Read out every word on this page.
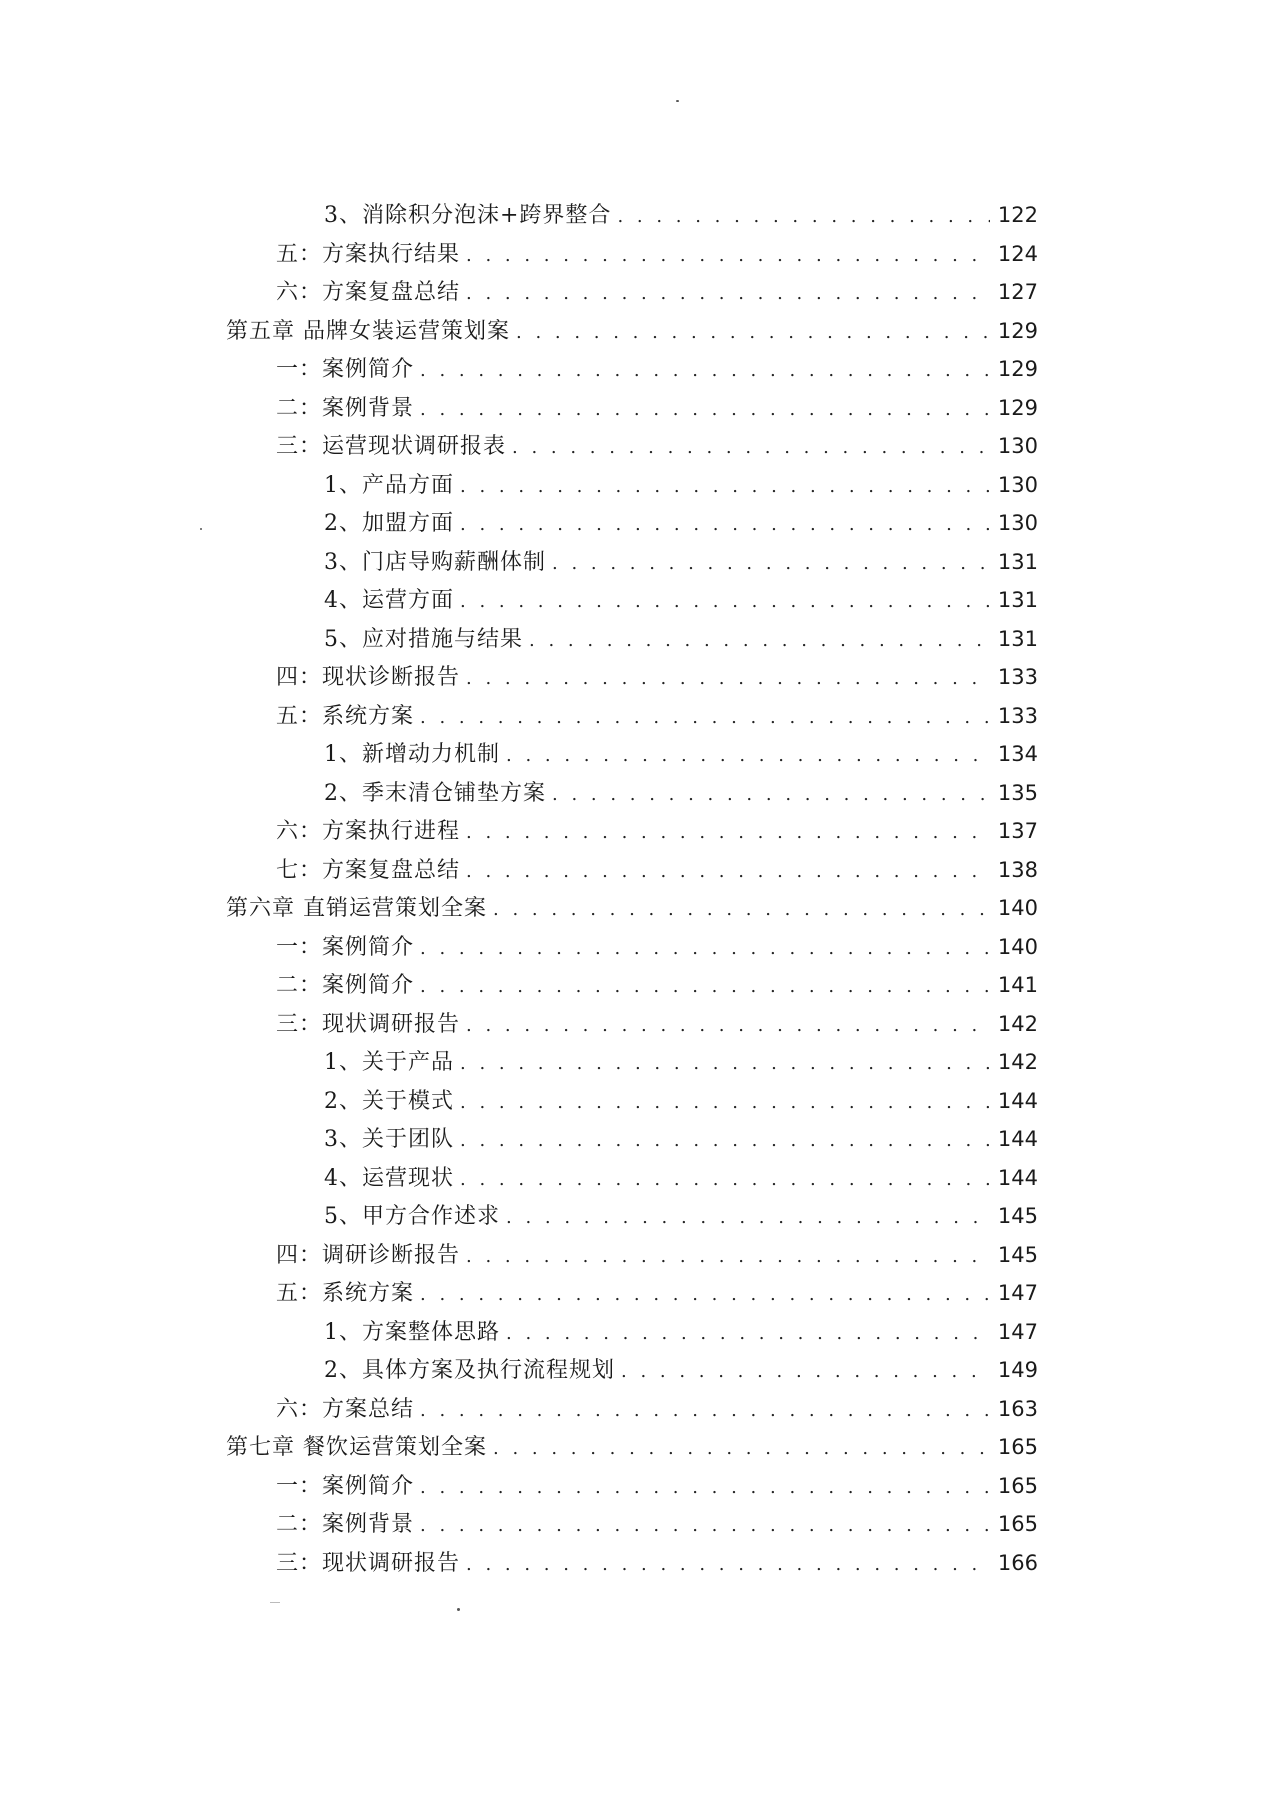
3、消除积分泡沫+跨界整合 . . .	122
五：方案执行结果 . . .	124
六：方案复盘总结 . . .	127
第五章 品牌女装运营策划案 . . .	129
一：案例简介 . . .	129
二：案例背景 . . .	129
三：运营现状调研报表 . . .	130
1、产品方面 . . .	130
2、加盟方面 . . .	130
3、门店导购薪酬体制 . . .	131
4、运营方面 . . .	131
5、应对措施与结果 . . .	131
四：现状诊断报告 . . .	133
五：系统方案 . . .	133
1、新增动力机制 . . .	134
2、季末清仓铺垫方案 . . .	135
六：方案执行进程 . . .	137
七：方案复盘总结 . . .	138
第六章 直销运营策划全案 . . .	140
一：案例简介 . . .	140
二：案例简介 . . .	141
三：现状调研报告 . . .	142
1、关于产品 . . .	142
2、关于模式 . . .	144
3、关于团队 . . .	144
4、运营现状 . . .	144
5、甲方合作述求 . . .	145
四：调研诊断报告 . . .	145
五：系统方案 . . .	147
1、方案整体思路 . . .	147
2、具体方案及执行流程规划 . . .	149
六：方案总结 . . .	163
第七章 餐饮运营策划全案 . . .	165
一：案例简介 . . .	165
二：案例背景 . . .	165
三：现状调研报告 . . .	166
